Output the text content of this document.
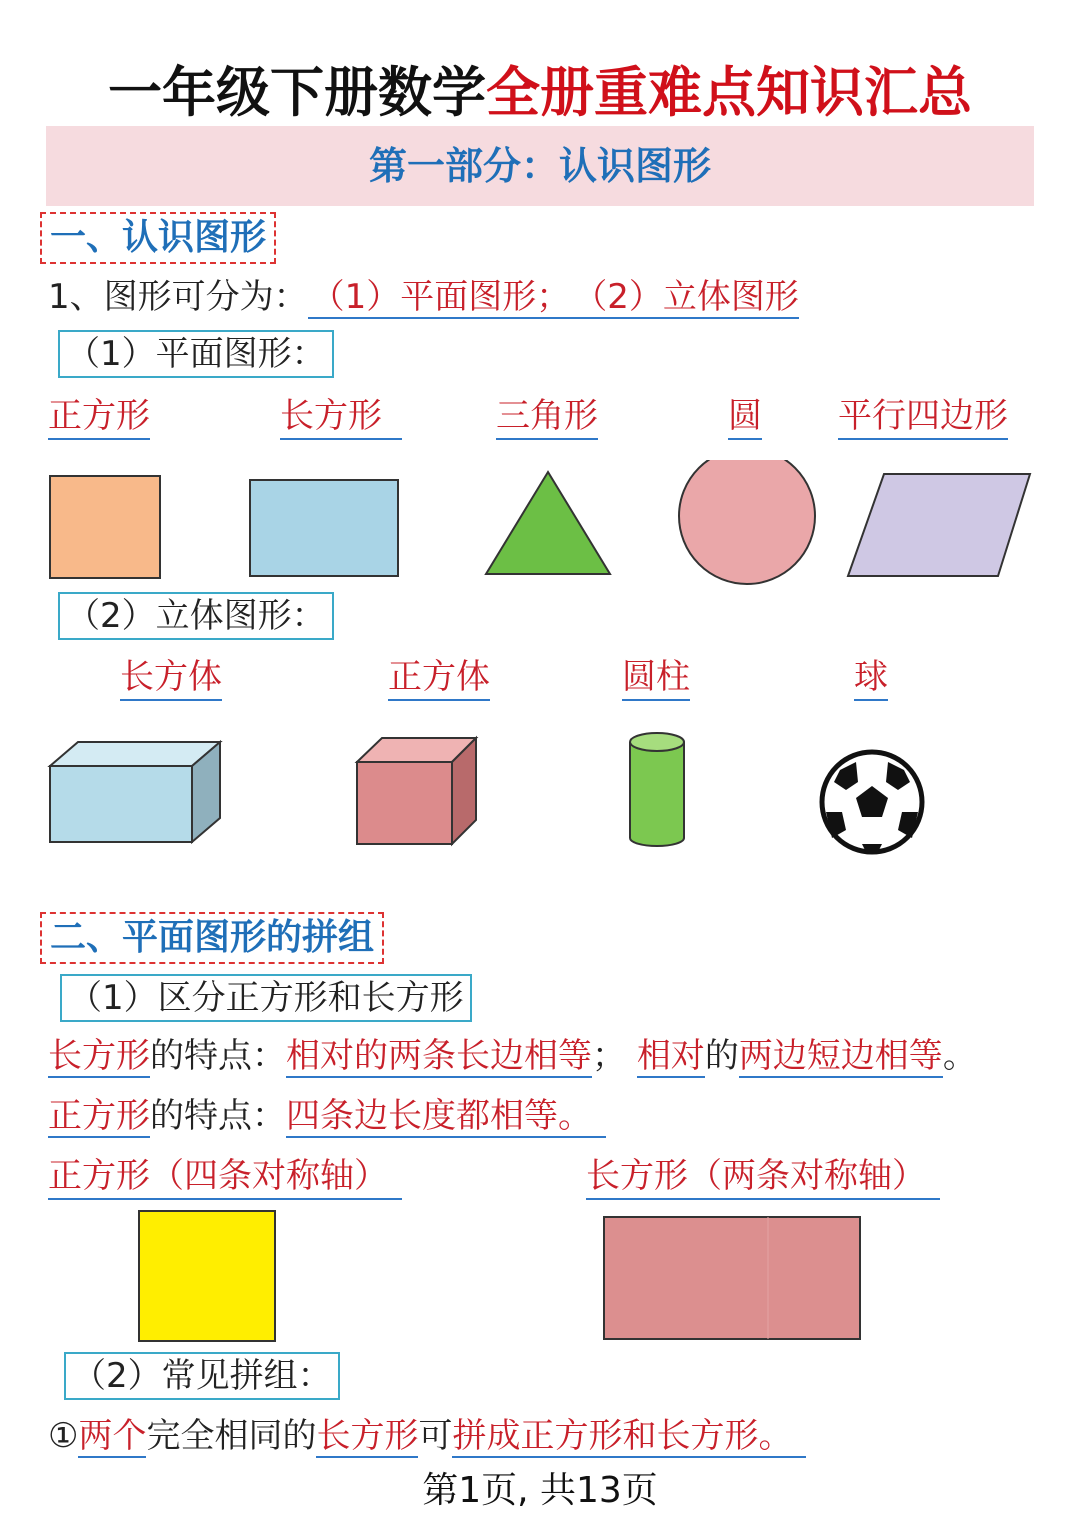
一年级下册数学全册重难点知识汇总
第一部分：认识图形
一、认识图形
1、图形可分为： （1）平面图形； （2）立体图形
（1）平面图形：
正方形	长方形	三角形	圆 平行四边形
（2）立体图形：
长方体	正方体	圆柱	球
二、平面图形的拼组
（1）区分正方形和长方形
长方形的特点：相对的两条长边相等； 相对的两边短边相等。
正方形的特点：四条边长度都相等。
正方形（四条对称轴）	长方形（两条对称轴）
（2）常见拼组：
①两个完全相同的长方形可拼成正方形和长方形。
第1页, 共13页
